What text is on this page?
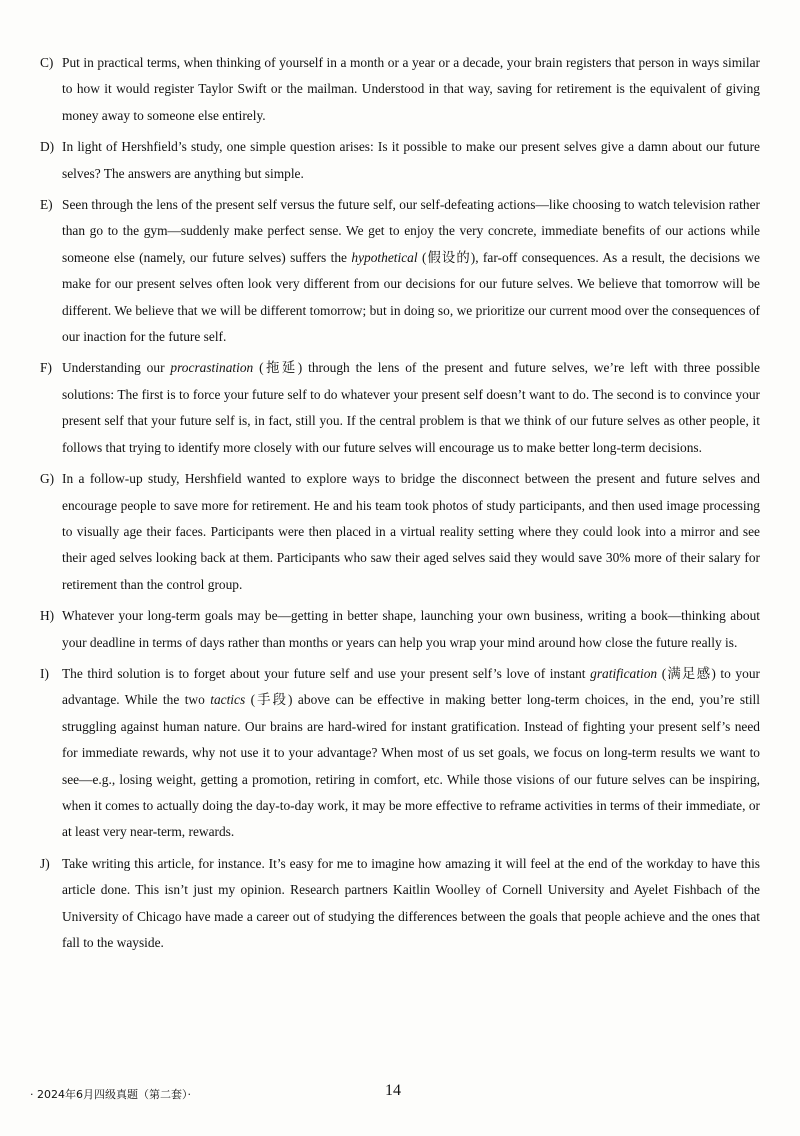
C) Put in practical terms, when thinking of yourself in a month or a year or a decade, your brain registers that person in ways similar to how it would register Taylor Swift or the mailman. Understood in that way, saving for retirement is the equivalent of giving money away to someone else entirely.

D) In light of Hershfield’s study, one simple question arises: Is it possible to make our present selves give a damn about our future selves? The answers are anything but simple.

E) Seen through the lens of the present self versus the future self, our self-defeating actions—like choosing to watch television rather than go to the gym—suddenly make perfect sense. We get to enjoy the very concrete, immediate benefits of our actions while someone else (namely, our future selves) suffers the hypothetical (假设的), far-off consequences. As a result, the decisions we make for our present selves often look very different from our decisions for our future selves. We believe that tomorrow will be different. We believe that we will be different tomorrow; but in doing so, we prioritize our current mood over the consequences of our inaction for the future self.

F) Understanding our procrastination (拖延) through the lens of the present and future selves, we’re left with three possible solutions: The first is to force your future self to do whatever your present self doesn’t want to do. The second is to convince your present self that your future self is, in fact, still you. If the central problem is that we think of our future selves as other people, it follows that trying to identify more closely with our future selves will encourage us to make better long-term decisions.

G) In a follow-up study, Hershfield wanted to explore ways to bridge the disconnect between the present and future selves and encourage people to save more for retirement. He and his team took photos of study participants, and then used image processing to visually age their faces. Participants were then placed in a virtual reality setting where they could look into a mirror and see their aged selves looking back at them. Participants who saw their aged selves said they would save 30% more of their salary for retirement than the control group.

H) Whatever your long-term goals may be—getting in better shape, launching your own business, writing a book—thinking about your deadline in terms of days rather than months or years can help you wrap your mind around how close the future really is.

I) The third solution is to forget about your future self and use your present self’s love of instant gratification (满足感) to your advantage. While the two tactics (手段) above can be effective in making better long-term choices, in the end, you’re still struggling against human nature. Our brains are hard-wired for instant gratification. Instead of fighting your present self’s need for immediate rewards, why not use it to your advantage? When most of us set goals, we focus on long-term results we want to see—e.g., losing weight, getting a promotion, retiring in comfort, etc. While those visions of our future selves can be inspiring, when it comes to actually doing the day-to-day work, it may be more effective to reframe activities in terms of their immediate, or at least very near-term, rewards.

J) Take writing this article, for instance. It’s easy for me to imagine how amazing it will feel at the end of the workday to have this article done. This isn’t just my opinion. Research partners Kaitlin Woolley of Cornell University and Ayelet Fishbach of the University of Chicago have made a career out of studying the differences between the goals that people achieve and the ones that fall to the wayside.

· 2024年6月四级真题（第二套）·	14
